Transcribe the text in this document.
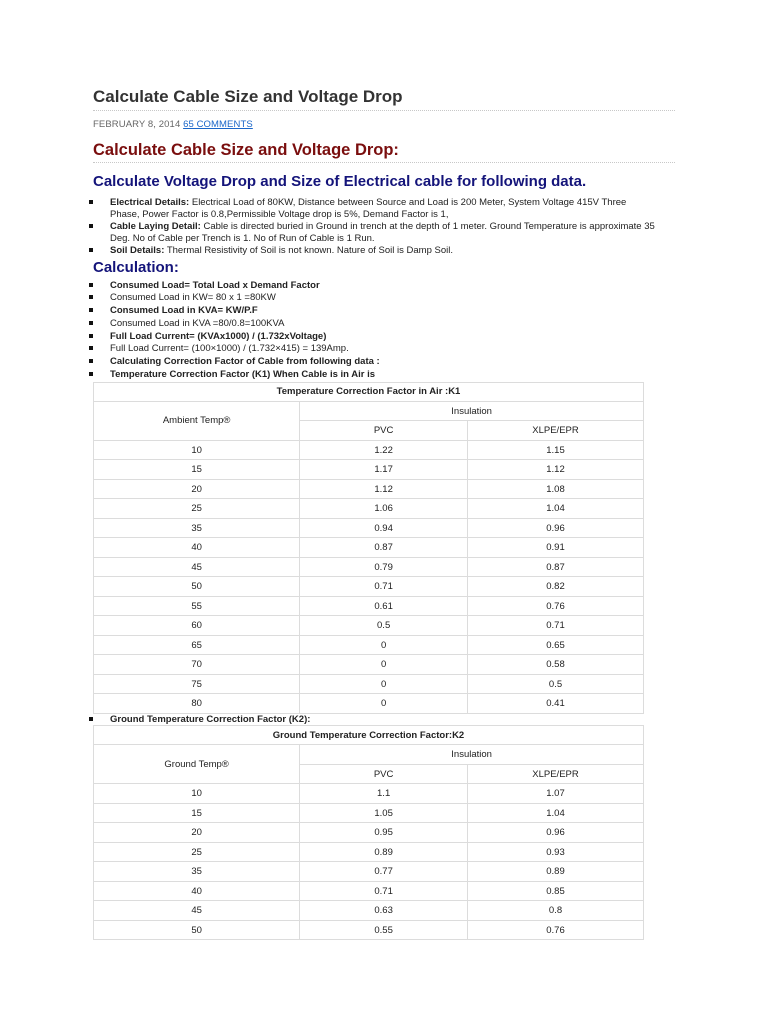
Calculate Cable Size and Voltage Drop
FEBRUARY 8, 2014 65 COMMENTS
Calculate Cable Size and Voltage Drop:
Calculate Voltage Drop and Size of Electrical cable for following data.
Electrical Details: Electrical Load of 80KW, Distance between Source and Load is 200 Meter, System Voltage 415V Three Phase, Power Factor is 0.8,Permissible Voltage drop is 5%, Demand Factor is 1,
Cable Laying Detail: Cable is directed buried in Ground in trench at the depth of 1 meter. Ground Temperature is approximate 35 Deg. No of Cable per Trench is 1. No of Run of Cable is 1 Run.
Soil Details: Thermal Resistivity of Soil is not known. Nature of Soil is Damp Soil.
Calculation:
Consumed Load= Total Load x Demand Factor
Consumed Load in KW= 80 x 1 =80KW
Consumed Load in KVA= KW/P.F
Consumed Load in KVA =80/0.8=100KVA
Full Load Current= (KVAx1000) / (1.732xVoltage)
Full Load Current= (100×1000) / (1.732×415) = 139Amp.
Calculating Correction Factor of Cable from following data :
Temperature Correction Factor (K1) When Cable is in Air is
Temperature Correction Factor in Air :K1		
Ambient Temp®	Insulation	
	PVC	XLPE/EPR
10	1.22	1.15
15	1.17	1.12
20	1.12	1.08
25	1.06	1.04
35	0.94	0.96
40	0.87	0.91
45	0.79	0.87
50	0.71	0.82
55	0.61	0.76
60	0.5	0.71
65	0	0.65
70	0	0.58
75	0	0.5
80	0	0.41
Ground Temperature Correction Factor (K2):
Ground Temperature Correction Factor:K2		
Ground Temp®	Insulation	
	PVC	XLPE/EPR
10	1.1	1.07
15	1.05	1.04
20	0.95	0.96
25	0.89	0.93
35	0.77	0.89
40	0.71	0.85
45	0.63	0.8
50	0.55	0.76
